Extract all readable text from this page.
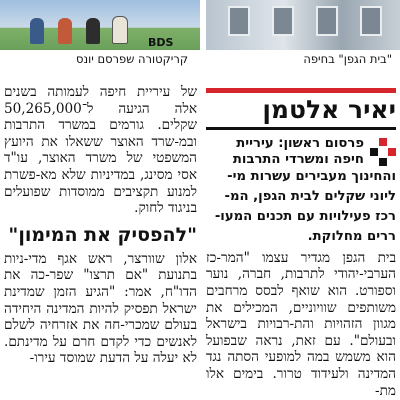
BDS
קריקטורה שפרסם יונס	"בית הגפן" בחיפה
יאיר אלטמן
פרסום ראשון: עיריית
חיפה ומשרדי התרבות
והחינוך מעבירים עשרות מי-
ליוני שקלים לבית הגפן, המ-
רכז פעילויות עם תכנים המעו-
ררים מחלוקת.

בית הגפן מגדיר עצמו "המר-כז הערבי-יהודי לתרבות, חברה, נוער וספורט. הוא שואף לבסס מרחבים משותפים שוויוניים, המכילים את מגוון הזהויות והת-רבויות בישראל ובעולם". עם זאת, נראה שבפועל הוא משמש במה למופעי הסתה נגד המדינה ולעידוד טרור. בימים אלו מת-

של עיריית חיפה לעמותה בשנים אלה הגיעה ל־50,265,000 שקלים. גורמים במשרד התרבות ובמ-שרד האוצר ששאלו את היועץ המשפטי של משרד האוצר, עו"ד אסי מסינג, במדיניות שלא מא-פשרת למנוע תקציבים ממוסדות שפועלים בניגוד לחוק.

"להפסיק את המימון"

אלון שוורצר, ראש אגף מדי-ניות בתנועת "אם תרצו" שפר-כה את הדו"ח, אמר: "הגיע הזמן שמדינת ישראל תפסיק להיות המדינה היחידה בעולם שמכרי-חה את אזרחיה לשלם לאנשים כדי לקדם חרם על מדינתם. לא יעלה על הדעת שמוסד עירו-
